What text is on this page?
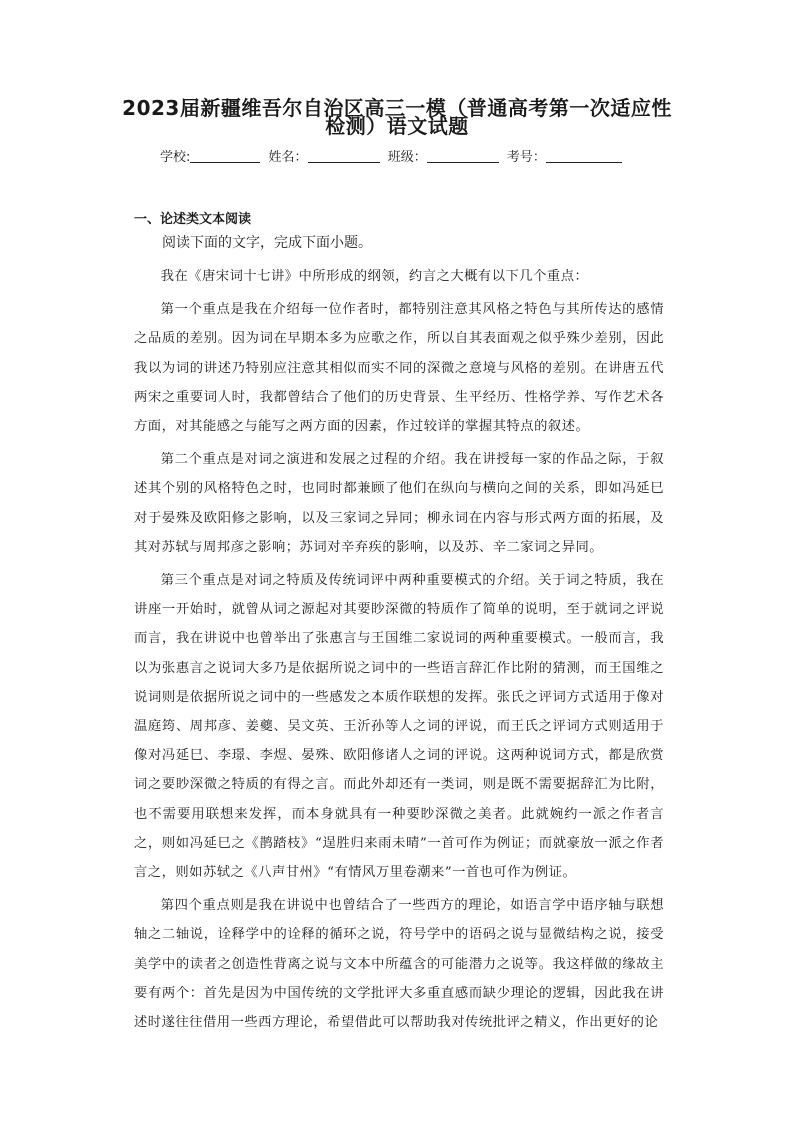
2023届新疆维吾尔自治区高三一模（普通高考第一次适应性
检测）语文试题
学校:	姓名：	班级：	考号：
一、论述类文本阅读

阅读下面的文字，完成下面小题。

我在《唐宋词十七讲》中所形成的纲领，约言之大概有以下几个重点：

第一个重点是我在介绍每一位作者时，都特别注意其风格之特色与其所传达的感情之品质的差别。因为词在早期本多为应歌之作，所以自其表面观之似乎殊少差别，因此我以为词的讲述乃特别应注意其相似而实不同的深微之意境与风格的差别。在讲唐五代两宋之重要词人时，我都曾结合了他们的历史背景、生平经历、性格学养、写作艺术各方面，对其能感之与能写之两方面的因素，作过较详的掌握其特点的叙述。

第二个重点是对词之演进和发展之过程的介绍。我在讲授每一家的作品之际，于叙述其个别的风格特色之时，也同时都兼顾了他们在纵向与横向之间的关系，即如冯延巳对于晏殊及欧阳修之影响，以及三家词之异同；柳永词在内容与形式两方面的拓展，及其对苏轼与周邦彦之影响；苏词对辛弃疾的影响，以及苏、辛二家词之异同。

第三个重点是对词之特质及传统词评中两种重要模式的介绍。关于词之特质，我在讲座一开始时，就曾从词之源起对其要眇深微的特质作了简单的说明，至于就词之评说而言，我在讲说中也曾举出了张惠言与王国维二家说词的两种重要模式。一般而言，我以为张惠言之说词大多乃是依据所说之词中的一些语言辞汇作比附的猜测，而王国维之说词则是依据所说之词中的一些感发之本质作联想的发挥。张氏之评词方式适用于像对温庭筠、周邦彦、姜夔、吴文英、王沂孙等人之词的评说，而王氏之评词方式则适用于像对冯延巳、李璟、李煜、晏殊、欧阳修诸人之词的评说。这两种说词方式，都是欣赏词之要眇深微之特质的有得之言。而此外却还有一类词，则是既不需要据辞汇为比附，也不需要用联想来发挥，而本身就具有一种要眇深微之美者。此就婉约一派之作者言之，则如冯延巳之《鹊踏枝》“逞胜归来雨未晴”一首可作为例证；而就豪放一派之作者言之，则如苏轼之《八声甘州》“有情风万里卷潮来”一首也可作为例证。

第四个重点则是我在讲说中也曾结合了一些西方的理论，如语言学中语序轴与联想轴之二轴说，诠释学中的诠释的循环之说，符号学中的语码之说与显微结构之说，接受美学中的读者之创造性背离之说与文本中所蕴含的可能潜力之说等。我这样做的缘故主要有两个：首先是因为中国传统的文学批评大多重直感而缺少理论的逻辑，因此我在讲述时遂往往借用一些西方理论，希望借此可以帮助我对传统批评之精义，作出更好的论
